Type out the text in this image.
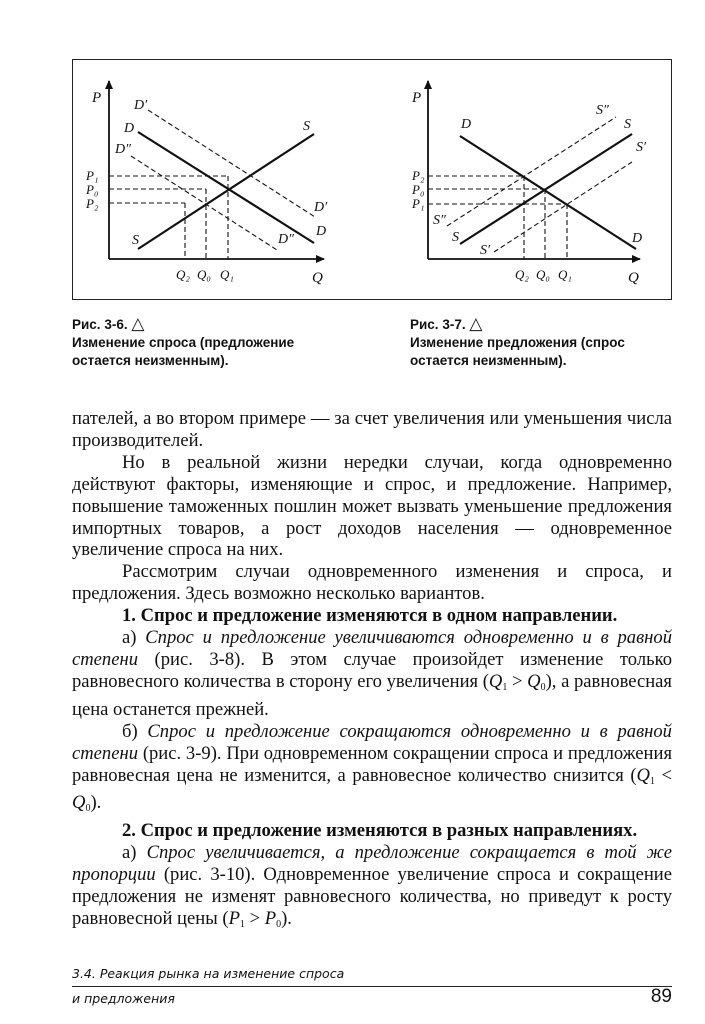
P
Q
P₁
P₀
P₂
Q₂ Q₀ Q₁
D′
D
D″
S
S
D′
D
D″
P
Q
P₂
P₀
P₁
Q₂ Q₀ Q₁
D
D
S″
S
S′
S″
S
S′
Рис. 3-6. △
Изменение спроса (предложение остается неизменным).
Рис. 3-7. △
Изменение предложения (спрос остается неизменным).

пателей, а во втором примере — за счет увеличения или уменьшения числа производителей.

Но в реальной жизни нередки случаи, когда одновременно действуют факторы, изменяющие и спрос, и предложение. Например, повышение таможенных пошлин может вызвать уменьшение предложения импортных товаров, а рост доходов населения — одновременное увеличение спроса на них.

Рассмотрим случаи одновременного изменения и спроса, и предложения. Здесь возможно несколько вариантов.

1. Спрос и предложение изменяются в одном направлении.

а) Спрос и предложение увеличиваются одновременно и в равной степени (рис. 3-8). В этом случае произойдет изменение только равновесного количества в сторону его увеличения $(Q_1 > Q_0)$, а равновесная цена останется прежней.

б) Спрос и предложение сокращаются одновременно и в равной степени (рис. 3-9). При одновременном сокращении спроса и предложения равновесная цена не изменится, а равновесное количество снизится $(Q_1 < Q_0)$.

2. Спрос и предложение изменяются в разных направлениях.

а) Спрос увеличивается, а предложение сокращается в той же пропорции (рис. 3-10). Одновременное увеличение спроса и сокращение предложения не изменят равновесного количества, но приведут к росту равновесной цены $(P_1 > P_0)$.

3.4. Реакция рынка на изменение спроса
и предложения	89
